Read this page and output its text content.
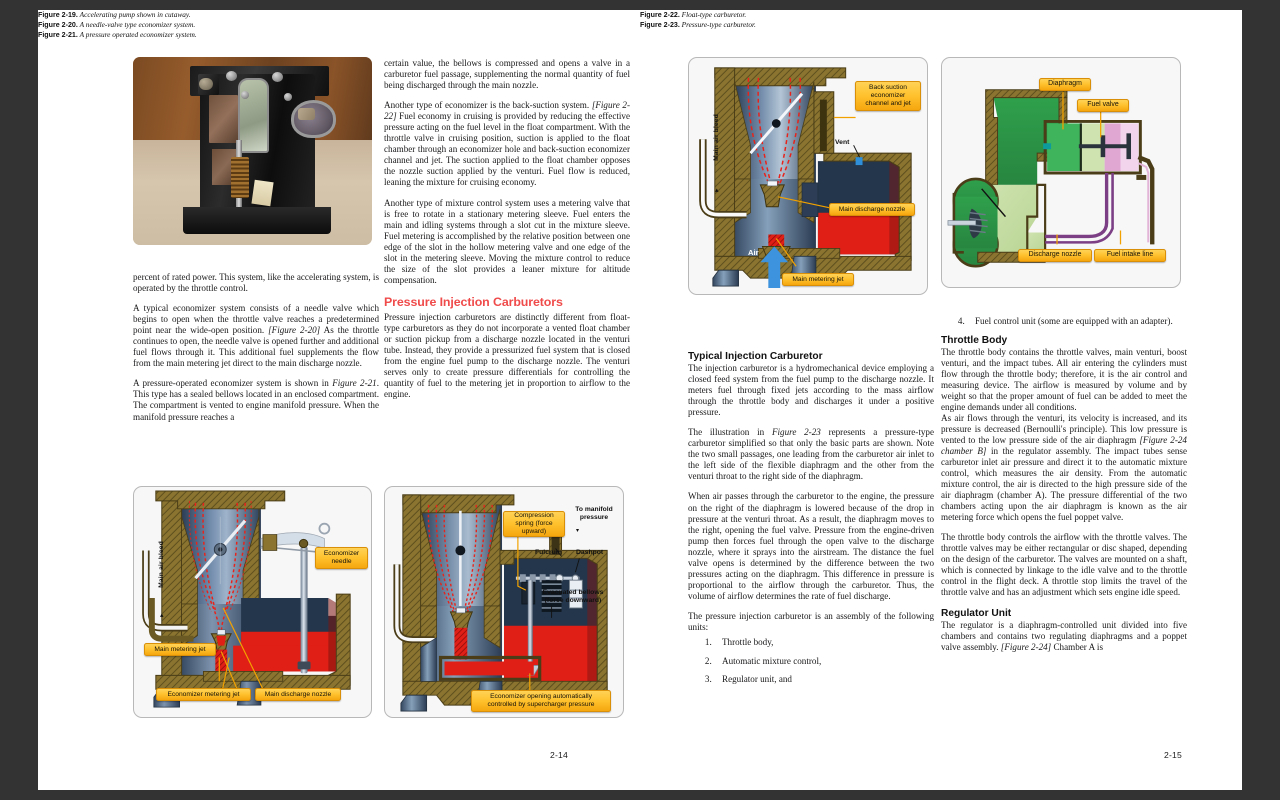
Figure 2-19. Accelerating pump shown in cutaway.

percent of rated power. This system, like the accelerating system, is operated by the throttle control.

A typical economizer system consists of a needle valve which begins to open when the throttle valve reaches a predetermined point near the wide-open position. [Figure 2-20] As the throttle continues to open, the needle valve is opened further and additional fuel flows through it. This additional fuel supplements the flow from the main metering jet direct to the main discharge nozzle.

A pressure-operated economizer system is shown in Figure 2-21. This type has a sealed bellows located in an enclosed compartment. The compartment is vented to engine manifold pressure. When the manifold pressure reaches a

certain value, the bellows is compressed and opens a valve in a carburetor fuel passage, supplementing the normal quantity of fuel being discharged through the main nozzle.

Another type of economizer is the back-suction system. [Figure 2-22] Fuel economy in cruising is provided by reducing the effective pressure acting on the fuel level in the float compartment. With the throttle valve in cruising position, suction is applied to the float chamber through an economizer hole and back-suction economizer channel and jet. The suction applied to the float chamber opposes the nozzle suction applied by the venturi. Fuel flow is reduced, leaning the mixture for cruising economy.

Another type of mixture control system uses a metering valve that is free to rotate in a stationary metering sleeve. Fuel enters the main and idling systems through a slot cut in the mixture sleeve. Fuel metering is accomplished by the relative position between one edge of the slot in the hollow metering valve and one edge of the slot in the metering sleeve. Moving the mixture control to reduce the size of the slot provides a leaner mixture for altitude compensation.

Pressure Injection Carburetors

Pressure injection carburetors are distinctly different from float-type carburetors as they do not incorporate a vented float chamber or suction pickup from a discharge nozzle located in the venturi tube. Instead, they provide a pressurized fuel system that is closed from the engine fuel pump to the discharge nozzle. The venturi serves only to create pressure differentials for controlling the quantity of fuel to the metering jet in proportion to airflow to the engine.

Main air bleed
▴
Economizer needle
Main metering jet
Economizer metering jet	Main discharge nozzle
Figure 2-20. A needle-valve type economizer system.
Compression spring (force upward)
To manifold pressure
▾
Fulcrum Dashpot
Evacuated bellows (force downward)
Economizer opening automatically controlled by supercharger pressure
Figure 2-21. A pressure operated economizer system.
2-14
Main air bleed
▴
Back suction economizer channel and jet
Vent
Main discharge nozzle
Main metering jet
Air
Figure 2-22. Float-type carburetor.
Diaphragm
Fuel valve
Discharge nozzle	Fuel intake line
Figure 2-23. Pressure-type carburetor.
Typical Injection Carburetor

The injection carburetor is a hydromechanical device employing a closed feed system from the fuel pump to the discharge nozzle. It meters fuel through fixed jets according to the mass airflow through the throttle body and discharges it under a positive pressure.

The illustration in Figure 2-23 represents a pressure-type carburetor simplified so that only the basic parts are shown. Note the two small passages, one leading from the carburetor air inlet to the left side of the flexible diaphragm and the other from the venturi throat to the right side of the diaphragm.

When air passes through the carburetor to the engine, the pressure on the right of the diaphragm is lowered because of the drop in pressure at the venturi throat. As a result, the diaphragm moves to the right, opening the fuel valve. Pressure from the engine-driven pump then forces fuel through the open valve to the discharge nozzle, where it sprays into the airstream. The distance the fuel valve opens is determined by the difference between the two pressures acting on the diaphragm. This difference in pressure is proportional to the airflow through the carburetor. Thus, the volume of airflow determines the rate of fuel discharge.

The pressure injection carburetor is an assembly of the following units:

1. Throttle body,
2. Automatic mixture control,
3. Regulator unit, and
4. Fuel control unit (some are equipped with an adapter).
Throttle Body

The throttle body contains the throttle valves, main venturi, boost venturi, and the impact tubes. All air entering the cylinders must flow through the throttle body; therefore, it is the air control and measuring device. The airflow is measured by volume and by weight so that the proper amount of fuel can be added to meet the engine demands under all conditions.

As air flows through the venturi, its velocity is increased, and its pressure is decreased (Bernoulli's principle). This low pressure is vented to the low pressure side of the air diaphragm [Figure 2-24 chamber B] in the regulator assembly. The impact tubes sense carburetor inlet air pressure and direct it to the automatic mixture control, which measures the air density. From the automatic mixture control, the air is directed to the high pressure side of the air diaphragm (chamber A). The pressure differential of the two chambers acting upon the air diaphragm is known as the air metering force which opens the fuel poppet valve.

The throttle body controls the airflow with the throttle valves. The throttle valves may be either rectangular or disc shaped, depending on the design of the carburetor. The valves are mounted on a shaft, which is connected by linkage to the idle valve and to the throttle control in the flight deck. A throttle stop limits the travel of the throttle valve and has an adjustment which sets engine idle speed.

Regulator Unit

The regulator is a diaphragm-controlled unit divided into five chambers and contains two regulating diaphragms and a poppet valve assembly. [Figure 2-24] Chamber A is

2-15
